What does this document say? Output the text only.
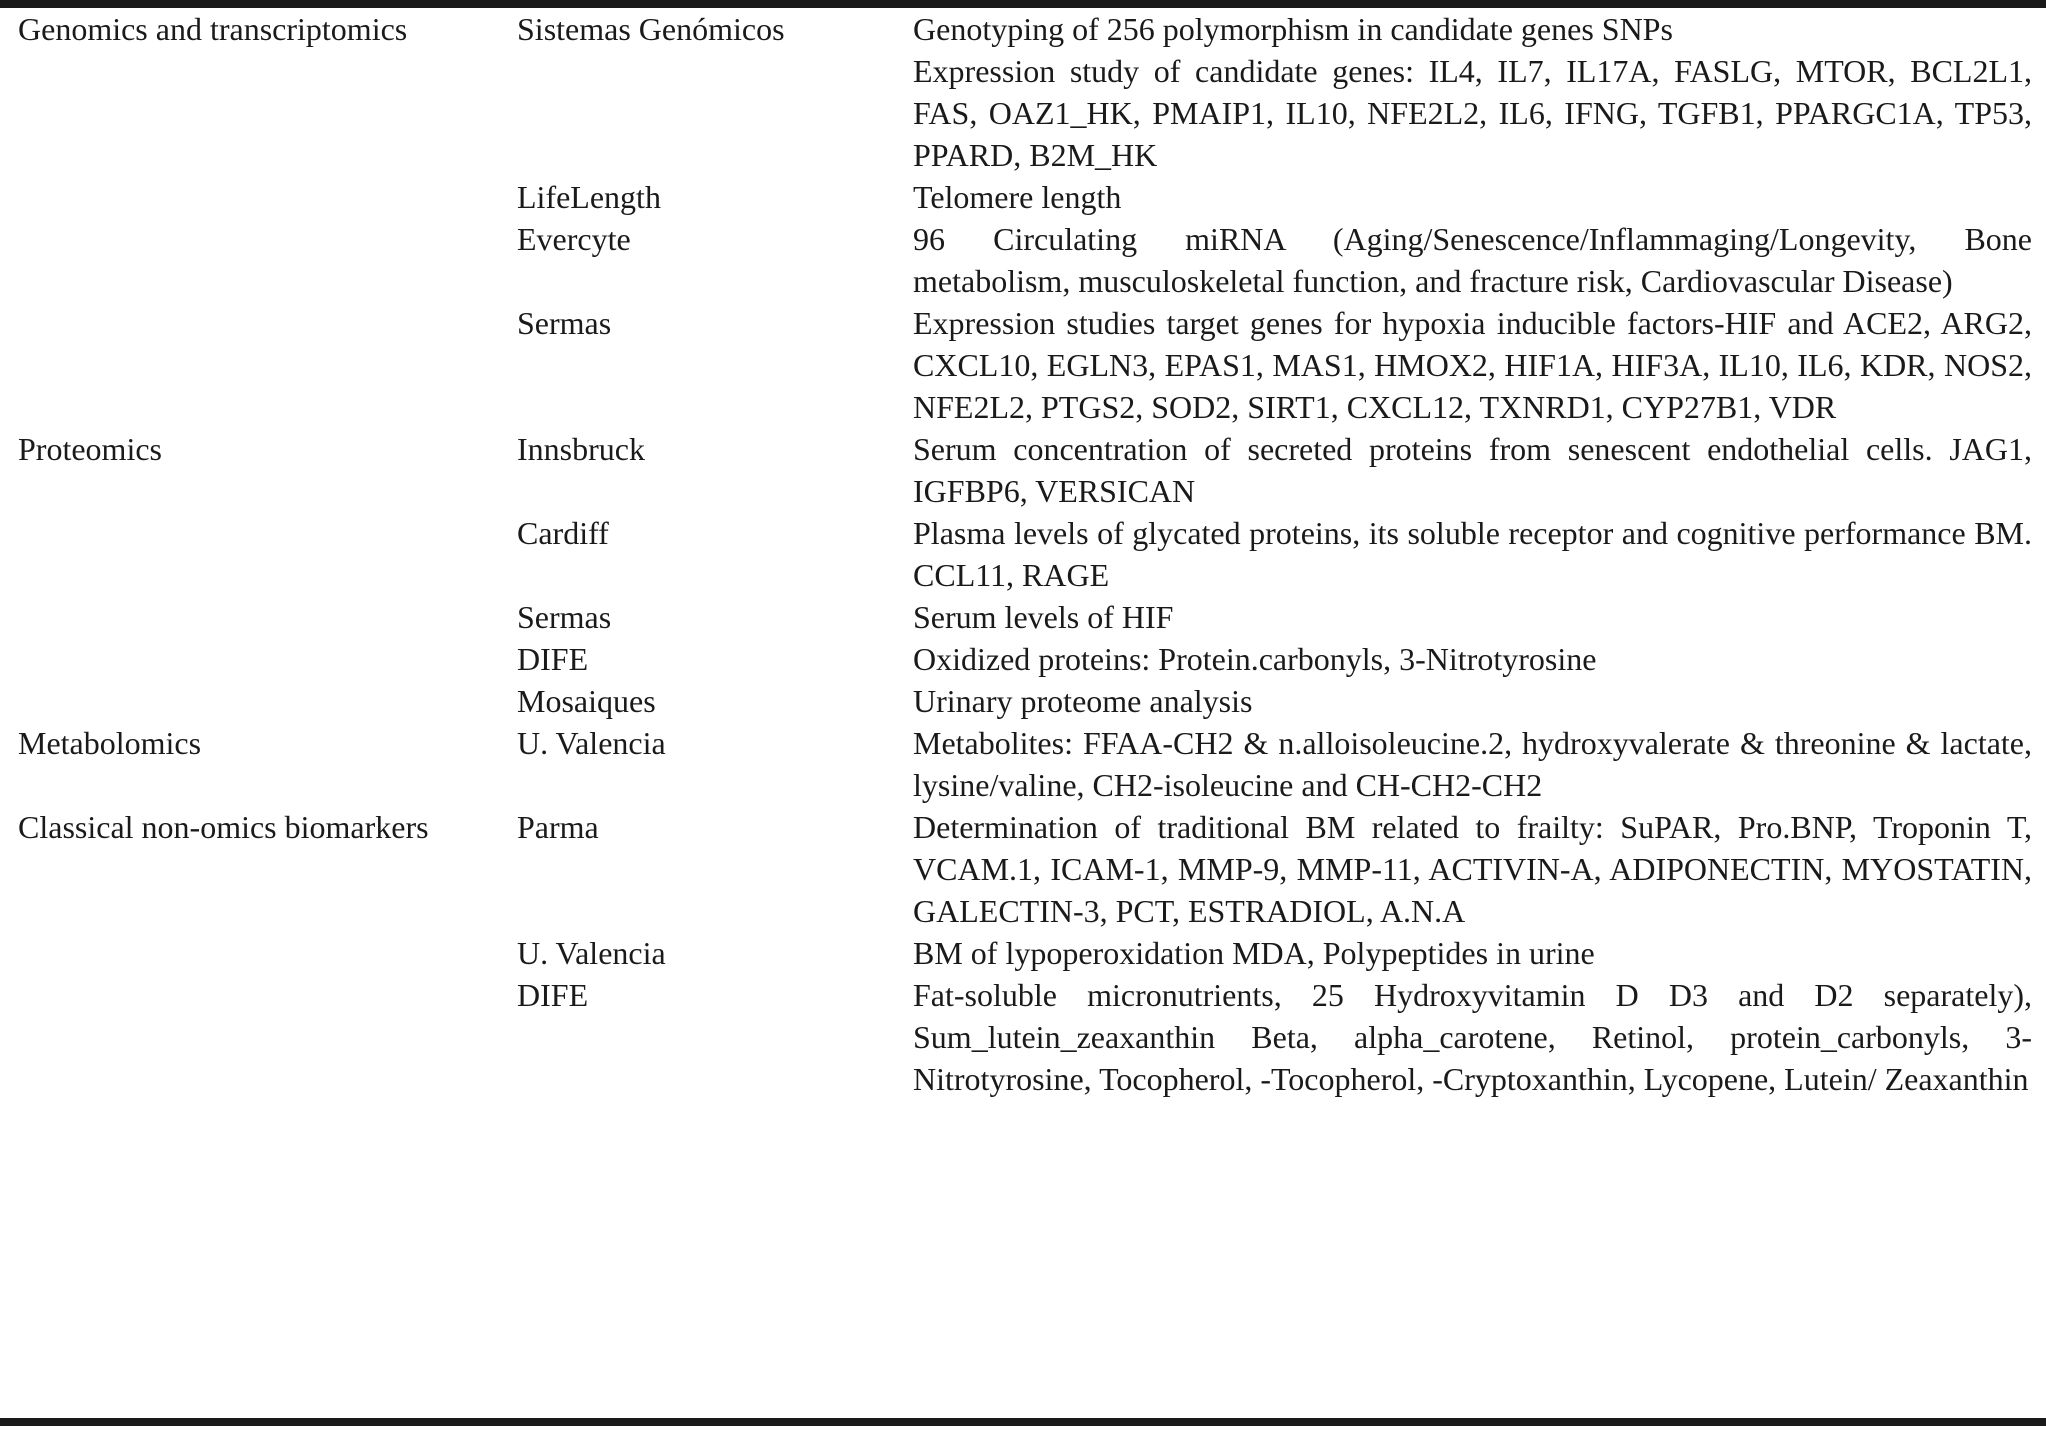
Genomics and transcriptomics	Sistemas Genómicos	Genotyping of 256 polymorphism in candidate genes SNPs
Expression study of candidate genes: IL4, IL7, IL17A, FASLG, MTOR, BCL2L1, FAS, OAZ1_HK, PMAIP1, IL10, NFE2L2, IL6, IFNG, TGFB1, PPARGC1A, TP53, PPARD, B2M_HK

	LifeLength	Telomere length

	Evercyte	96 Circulating miRNA (Aging/Senescence/Inflammaging/Longevity, Bone metabolism, musculoskeletal function, and fracture risk, Cardiovascular Disease)

	Sermas	Expression studies target genes for hypoxia inducible factors-HIF and ACE2, ARG2, CXCL10, EGLN3, EPAS1, MAS1, HMOX2, HIF1A, HIF3A, IL10, IL6, KDR, NOS2, NFE2L2, PTGS2, SOD2, SIRT1, CXCL12, TXNRD1, CYP27B1, VDR

Proteomics	Innsbruck	Serum concentration of secreted proteins from senescent endothelial cells. JAG1, IGFBP6, VERSICAN

	Cardiff	Plasma levels of glycated proteins, its soluble receptor and cognitive performance BM. CCL11, RAGE

	Sermas	Serum levels of HIF

	DIFE	Oxidized proteins: Protein.carbonyls, 3-Nitrotyrosine

	Mosaiques	Urinary proteome analysis

Metabolomics	U. Valencia	Metabolites: FFAA-CH2 & n.alloisoleucine.2, hydroxyvalerate & threonine & lactate, lysine/valine, CH2-isoleucine and CH-CH2-CH2

Classical non-omics biomarkers	Parma	Determination of traditional BM related to frailty: SuPAR, Pro.BNP, Troponin T, VCAM.1, ICAM-1, MMP-9, MMP-11, ACTIVIN-A, ADIPONECTIN, MYOSTATIN, GALECTIN-3, PCT, ESTRADIOL, A.N.A

	U. Valencia	BM of lypoperoxidation MDA, Polypeptides in urine

	DIFE	Fat-soluble micronutrients, 25 Hydroxyvitamin D D3 and D2 separately), Sum_lutein_zeaxanthin Beta, alpha_carotene, Retinol, protein_carbonyls, 3-Nitrotyrosine, Tocopherol, -Tocopherol, -Cryptoxanthin, Lycopene, Lutein/ Zeaxanthin
